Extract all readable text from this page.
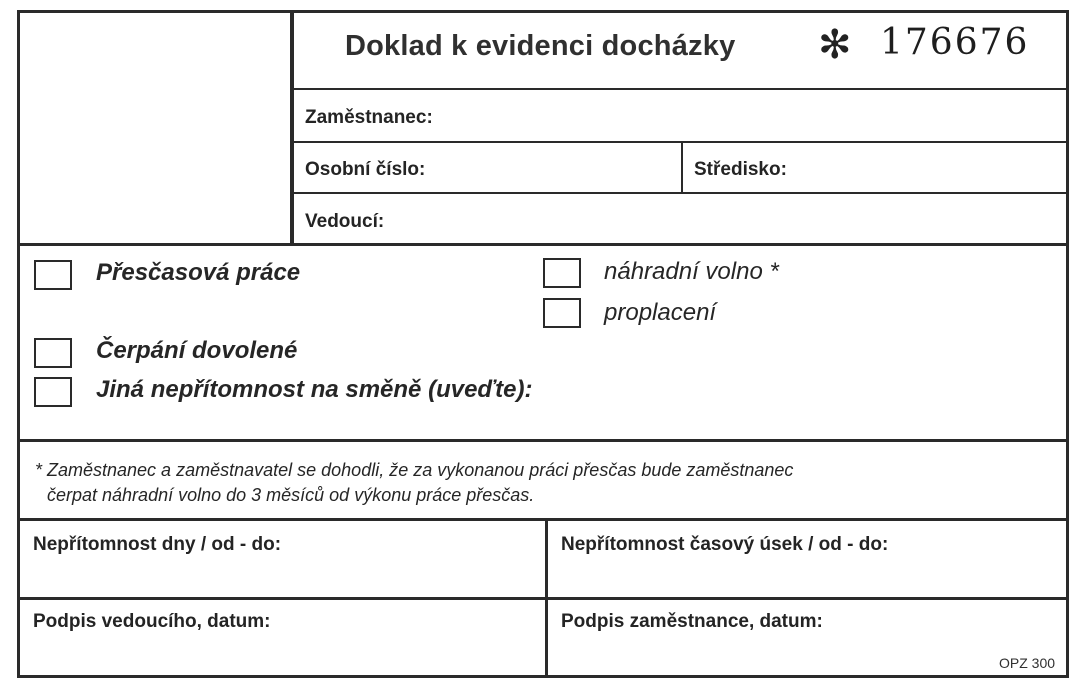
Doklad k evidenci docházky ✻ 176676
Zaměstnanec:
Osobní číslo:	Středisko:
Vedoucí:
Přesčasová práce	náhradní volno *
proplacení
Čerpání dovolené
Jiná nepřítomnost na směně (uveďte):
* Zaměstnanec a zaměstnavatel se dohodli, že za vykonanou práci přesčas bude zaměstnanec
čerpat náhradní volno do 3 měsíců od výkonu práce přesčas.
Nepřítomnost dny / od - do:	Nepřítomnost časový úsek / od - do:
Podpis vedoucího, datum:	Podpis zaměstnance, datum:
OPZ 300
